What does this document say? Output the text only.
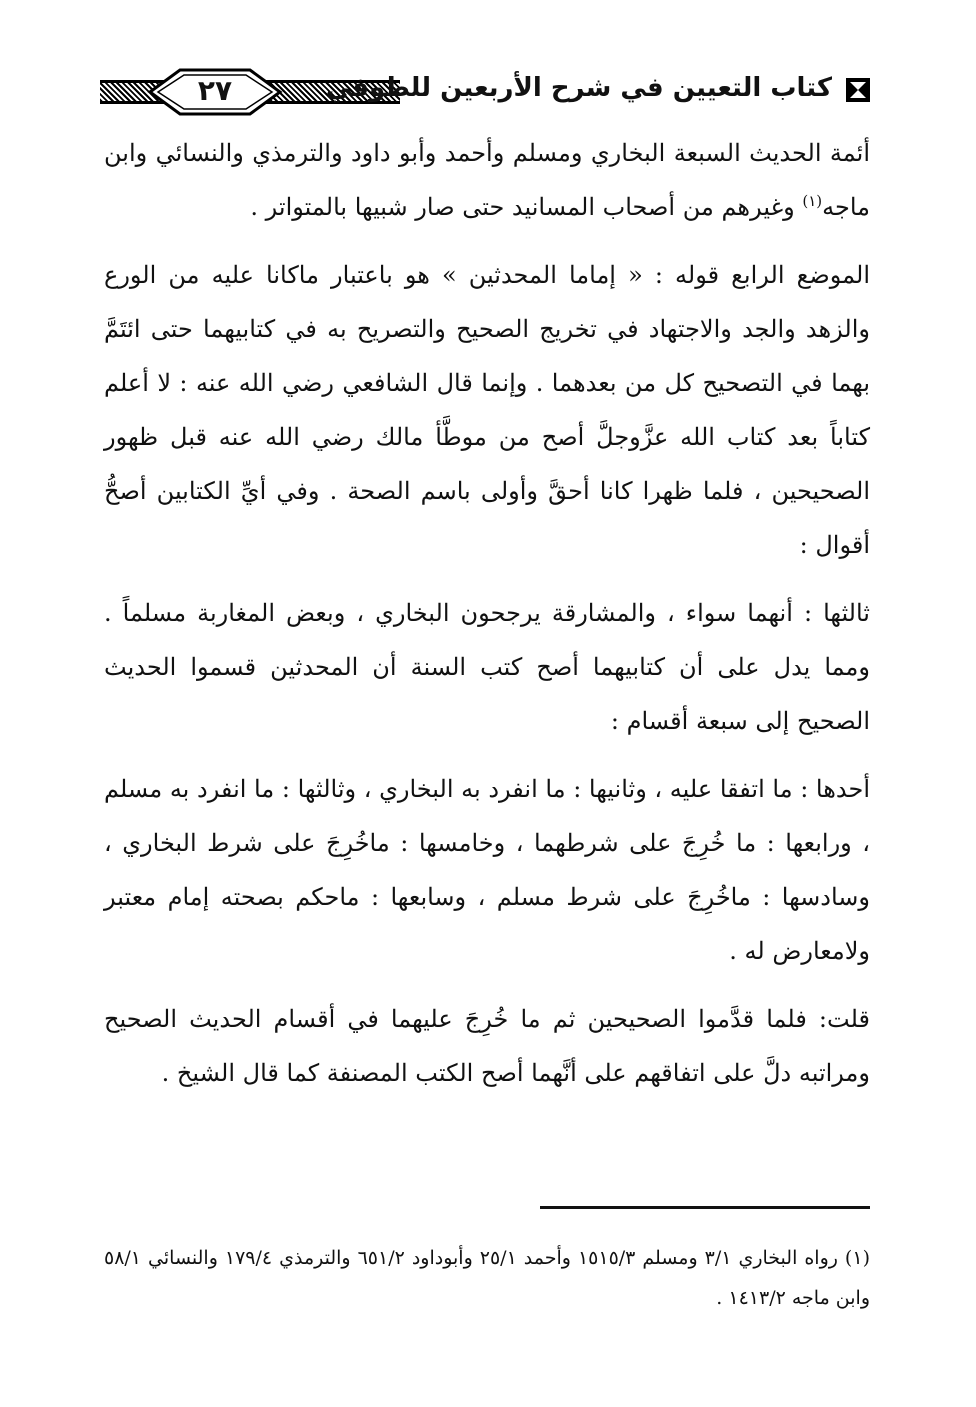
٢٧	كتاب التعيين في شرح الأربعين للطوفي

أئمة الحديث السبعة البخاري ومسلم وأحمد وأبو داود والترمذي والنسائي وابن ماجه$^{(١)}$ وغيرهم من أصحاب المسانيد حتى صار شبيها بالمتواتر .

الموضع الرابع قوله : « إماما المحدثين » هو باعتبار ماكانا عليه من الورع والزهد والجد والاجتهاد في تخريج الصحيح والتصريح به في كتابيهما حتى ائتَمَّ بهما في التصحيح كل من بعدهما . وإنما قال الشافعي رضي الله عنه : لا أعلم كتاباً بعد كتاب الله عزَّوجلَّ أصح من موطَّأ مالك رضي الله عنه قبل ظهور الصحيحين ، فلما ظهرا كانا أحقَّ وأولى باسم الصحة . وفي أيِّ الكتابين أصحُّ أقوال :

ثالثها : أنهما سواء ، والمشارقة يرجحون البخاري ، وبعض المغاربة مسلماً . ومما يدل على أن كتابيهما أصح كتب السنة أن المحدثين قسموا الحديث الصحيح إلى سبعة أقسام :

أحدها : ما اتفقا عليه ، وثانيها : ما انفرد به البخاري ، وثالثها : ما انفرد به مسلم ، ورابعها : ما خُرِجَ على شرطهما ، وخامسها : ماخُرِجَ على شرط البخاري ، وسادسها : ماخُرِجَ على شرط مسلم ، وسابعها : ماحكم بصحته إمام معتبر ولامعارض له .

قلت: فلما قدَّموا الصحيحين ثم ما خُرِجَ عليهما في أقسام الحديث الصحيح ومراتبه دلَّ على اتفاقهم على أنَّهما أصح الكتب المصنفة كما قال الشيخ .

(١) رواه البخاري ٣/١ ومسلم ١٥١٥/٣ وأحمد ٢٥/١ وأبوداود ٦٥١/٢ والترمذي ١٧٩/٤ والنسائي ٥٨/١ وابن ماجه ١٤١٣/٢ .
